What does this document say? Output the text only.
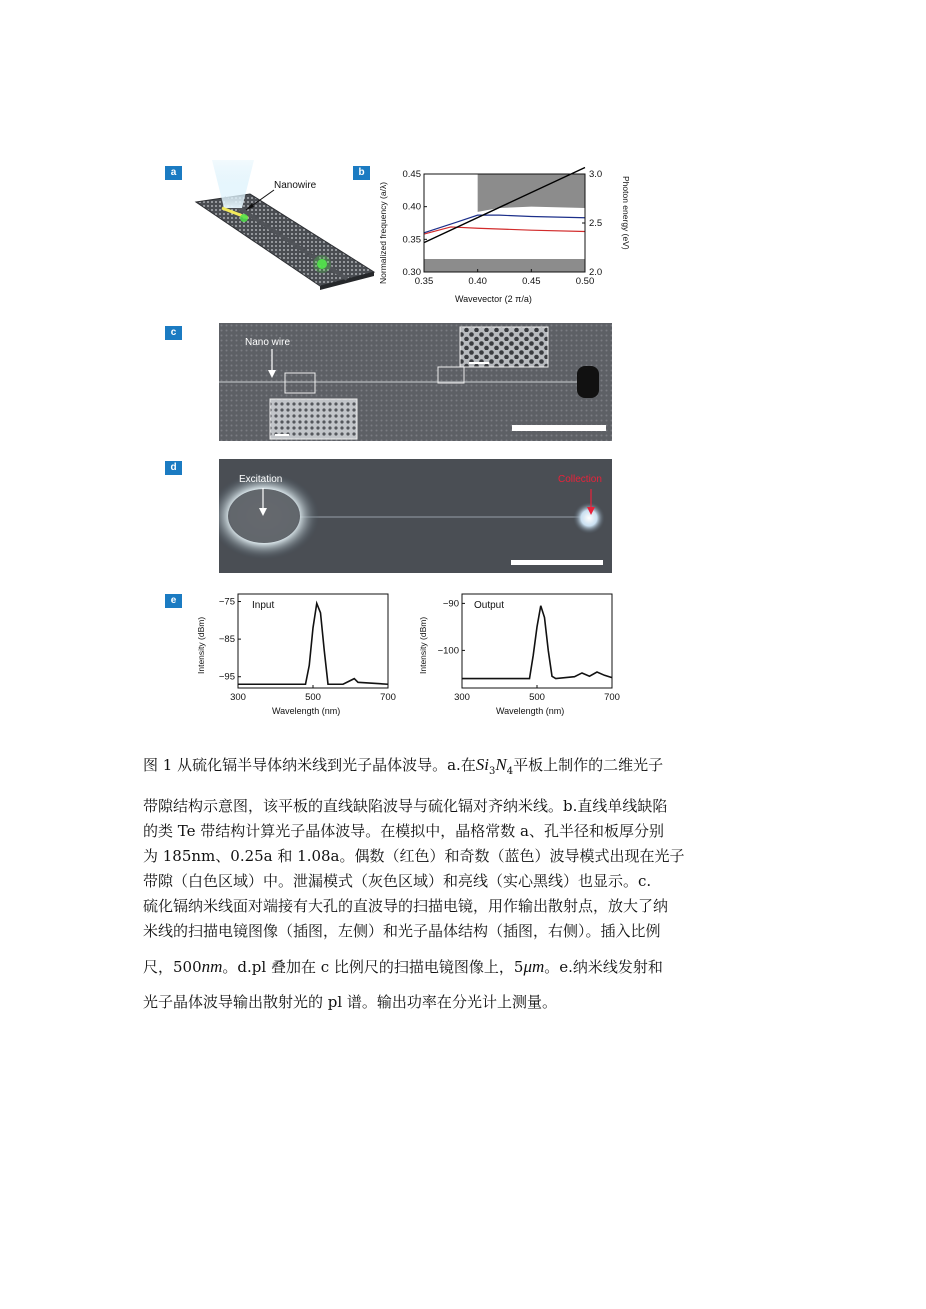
a
Nanowire
b	0.45
0.40
0.35
0.30
3.0
2.5
2.0
0.35	0.40	0.45	0.50
Normalized frequency (a/λ)	Photon energy (eV)
Wavevector (2 π/a)
c
Nano wire
d
Excitation	Collection
e	−75
−85
−95
300	500	700
Input
Intensity (dBm)
Wavelength (nm)
−90
−100
300	500	700
Output
Intensity (dBm)
Wavelength (nm)

图 1 从硫化镉半导体纳米线到光子晶体波导。a.在$Si_3N_4$平板上制作的二维光子

带隙结构示意图，该平板的直线缺陷波导与硫化镉对齐纳米线。b.直线单线缺陷

的类 Te 带结构计算光子晶体波导。在模拟中，晶格常数 a、孔半径和板厚分别

为 185nm、0.25a 和 1.08a。偶数（红色）和奇数（蓝色）波导模式出现在光子

带隙（白色区域）中。泄漏模式（灰色区域）和亮线（实心黑线）也显示。c.

硫化镉纳米线面对端接有大孔的直波导的扫描电镜，用作输出散射点，放大了纳

米线的扫描电镜图像（插图，左侧）和光子晶体结构（插图，右侧）。插入比例

尺，500nm。d.pl 叠加在 c 比例尺的扫描电镜图像上，5μm。e.纳米线发射和

光子晶体波导输出散射光的 pl 谱。输出功率在分光计上测量。
